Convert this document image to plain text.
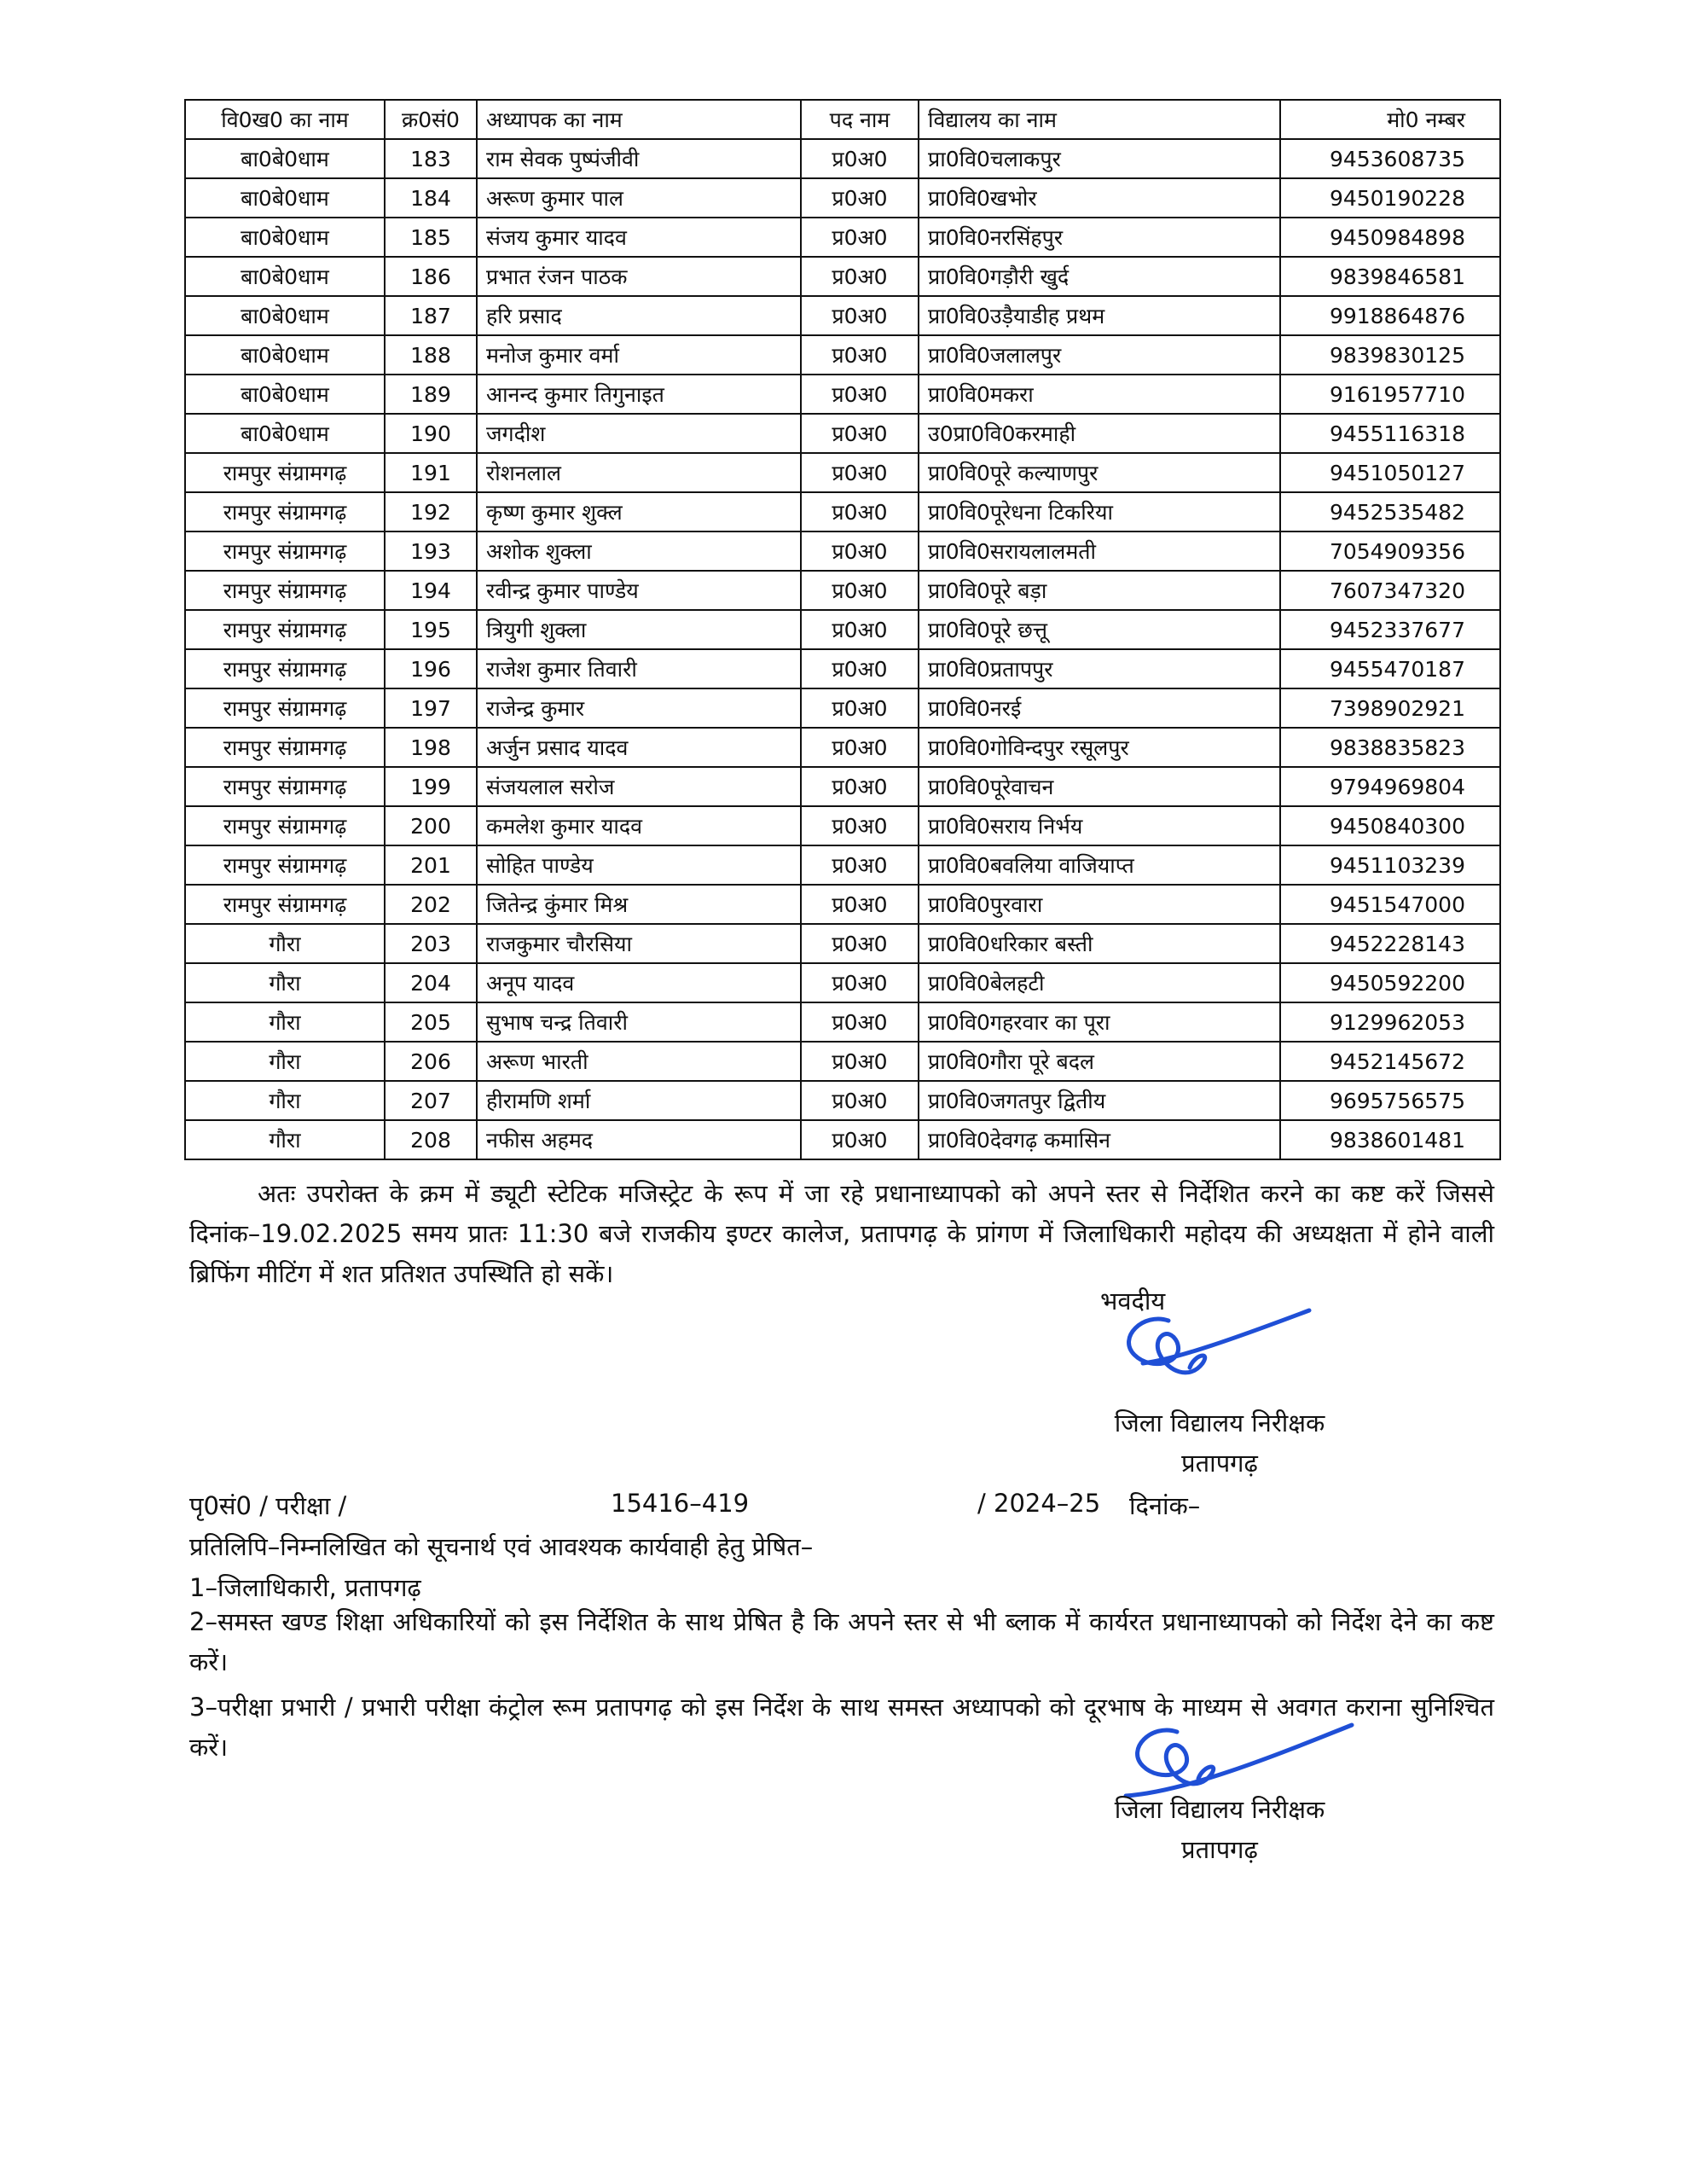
वि0ख0 का नाम	क्र0सं0	अध्यापक का नाम	पद नाम	विद्यालय का नाम	मो0 नम्बर
बा0बे0धाम	183	राम सेवक पुष्पंजीवी	प्र0अ0	प्रा0वि0चलाकपुर	9453608735
बा0बे0धाम	184	अरूण कुमार पाल	प्र0अ0	प्रा0वि0खभोर	9450190228
बा0बे0धाम	185	संजय कुमार यादव	प्र0अ0	प्रा0वि0नरसिंहपुर	9450984898
बा0बे0धाम	186	प्रभात रंजन पाठक	प्र0अ0	प्रा0वि0गड़ौरी खुर्द	9839846581
बा0बे0धाम	187	हरि प्रसाद	प्र0अ0	प्रा0वि0उड़ैयाडीह प्रथम	9918864876
बा0बे0धाम	188	मनोज कुमार वर्मा	प्र0अ0	प्रा0वि0जलालपुर	9839830125
बा0बे0धाम	189	आनन्द कुमार तिगुनाइत	प्र0अ0	प्रा0वि0मकरा	9161957710
बा0बे0धाम	190	जगदीश	प्र0अ0	उ0प्रा0वि0करमाही	9455116318
रामपुर संग्रामगढ़	191	रोशनलाल	प्र0अ0	प्रा0वि0पूरे कल्याणपुर	9451050127
रामपुर संग्रामगढ़	192	कृष्ण कुमार शुक्ल	प्र0अ0	प्रा0वि0पूरेधना टिकरिया	9452535482
रामपुर संग्रामगढ़	193	अशोक शुक्ला	प्र0अ0	प्रा0वि0सरायलालमती	7054909356
रामपुर संग्रामगढ़	194	रवीन्द्र कुमार पाण्डेय	प्र0अ0	प्रा0वि0पूरे बड़ा	7607347320
रामपुर संग्रामगढ़	195	त्रियुगी शुक्ला	प्र0अ0	प्रा0वि0पूरे छत्तू	9452337677
रामपुर संग्रामगढ़	196	राजेश कुमार तिवारी	प्र0अ0	प्रा0वि0प्रतापपुर	9455470187
रामपुर संग्रामगढ़	197	राजेन्द्र कुमार	प्र0अ0	प्रा0वि0नरई	7398902921
रामपुर संग्रामगढ़	198	अर्जुन प्रसाद यादव	प्र0अ0	प्रा0वि0गोविन्दपुर रसूलपुर	9838835823
रामपुर संग्रामगढ़	199	संजयलाल सरोज	प्र0अ0	प्रा0वि0पूरेवाचन	9794969804
रामपुर संग्रामगढ़	200	कमलेश कुमार यादव	प्र0अ0	प्रा0वि0सराय निर्भय	9450840300
रामपुर संग्रामगढ़	201	सोहित पाण्डेय	प्र0अ0	प्रा0वि0बवलिया वाजियाप्त	9451103239
रामपुर संग्रामगढ़	202	जितेन्द्र कुंमार मिश्र	प्र0अ0	प्रा0वि0पुरवारा	9451547000
गौरा	203	राजकुमार चौरसिया	प्र0अ0	प्रा0वि0धरिकार बस्ती	9452228143
गौरा	204	अनूप यादव	प्र0अ0	प्रा0वि0बेलहटी	9450592200
गौरा	205	सुभाष चन्द्र तिवारी	प्र0अ0	प्रा0वि0गहरवार का पूरा	9129962053
गौरा	206	अरूण भारती	प्र0अ0	प्रा0वि0गौरा पूरे बदल	9452145672
गौरा	207	हीरामणि शर्मा	प्र0अ0	प्रा0वि0जगतपुर द्वितीय	9695756575
गौरा	208	नफीस अहमद	प्र0अ0	प्रा0वि0देवगढ़ कमासिन	9838601481

अतः उपरोक्त के क्रम में ड्यूटी स्टेटिक मजिस्ट्रेट के रूप में जा रहे प्रधानाध्यापको को अपने स्तर से निर्देशित करने का कष्ट करें जिससे दिनांक–19.02.2025 समय प्रातः 11:30 बजे राजकीय इण्टर कालेज, प्रतापगढ़ के प्रांगण में जिलाधिकारी महोदय की अध्यक्षता में होने वाली ब्रिफिंग मीटिंग में शत प्रतिशत उपस्थिति हो सकें।

भवदीय
जिला विद्यालय निरीक्षक
प्रतापगढ़
पृ0सं0 / परीक्षा /	15416–419	/ 2024–25 दिनांक–
प्रतिलिपि–निम्नलिखित को सूचनार्थ एवं आवश्यक कार्यवाही हेतु प्रेषित–
1–जिलाधिकारी, प्रतापगढ़

2–समस्त खण्ड शिक्षा अधिकारियों को इस निर्देशित के साथ प्रेषित है कि अपने स्तर से भी ब्लाक में कार्यरत प्रधानाध्यापको को निर्देश देने का कष्ट करें।

3–परीक्षा प्रभारी / प्रभारी परीक्षा कंट्रोल रूम प्रतापगढ़ को इस निर्देश के साथ समस्त अध्यापको को दूरभाष के माध्यम से अवगत कराना सुनिश्चित करें।

जिला विद्यालय निरीक्षक
प्रतापगढ़
